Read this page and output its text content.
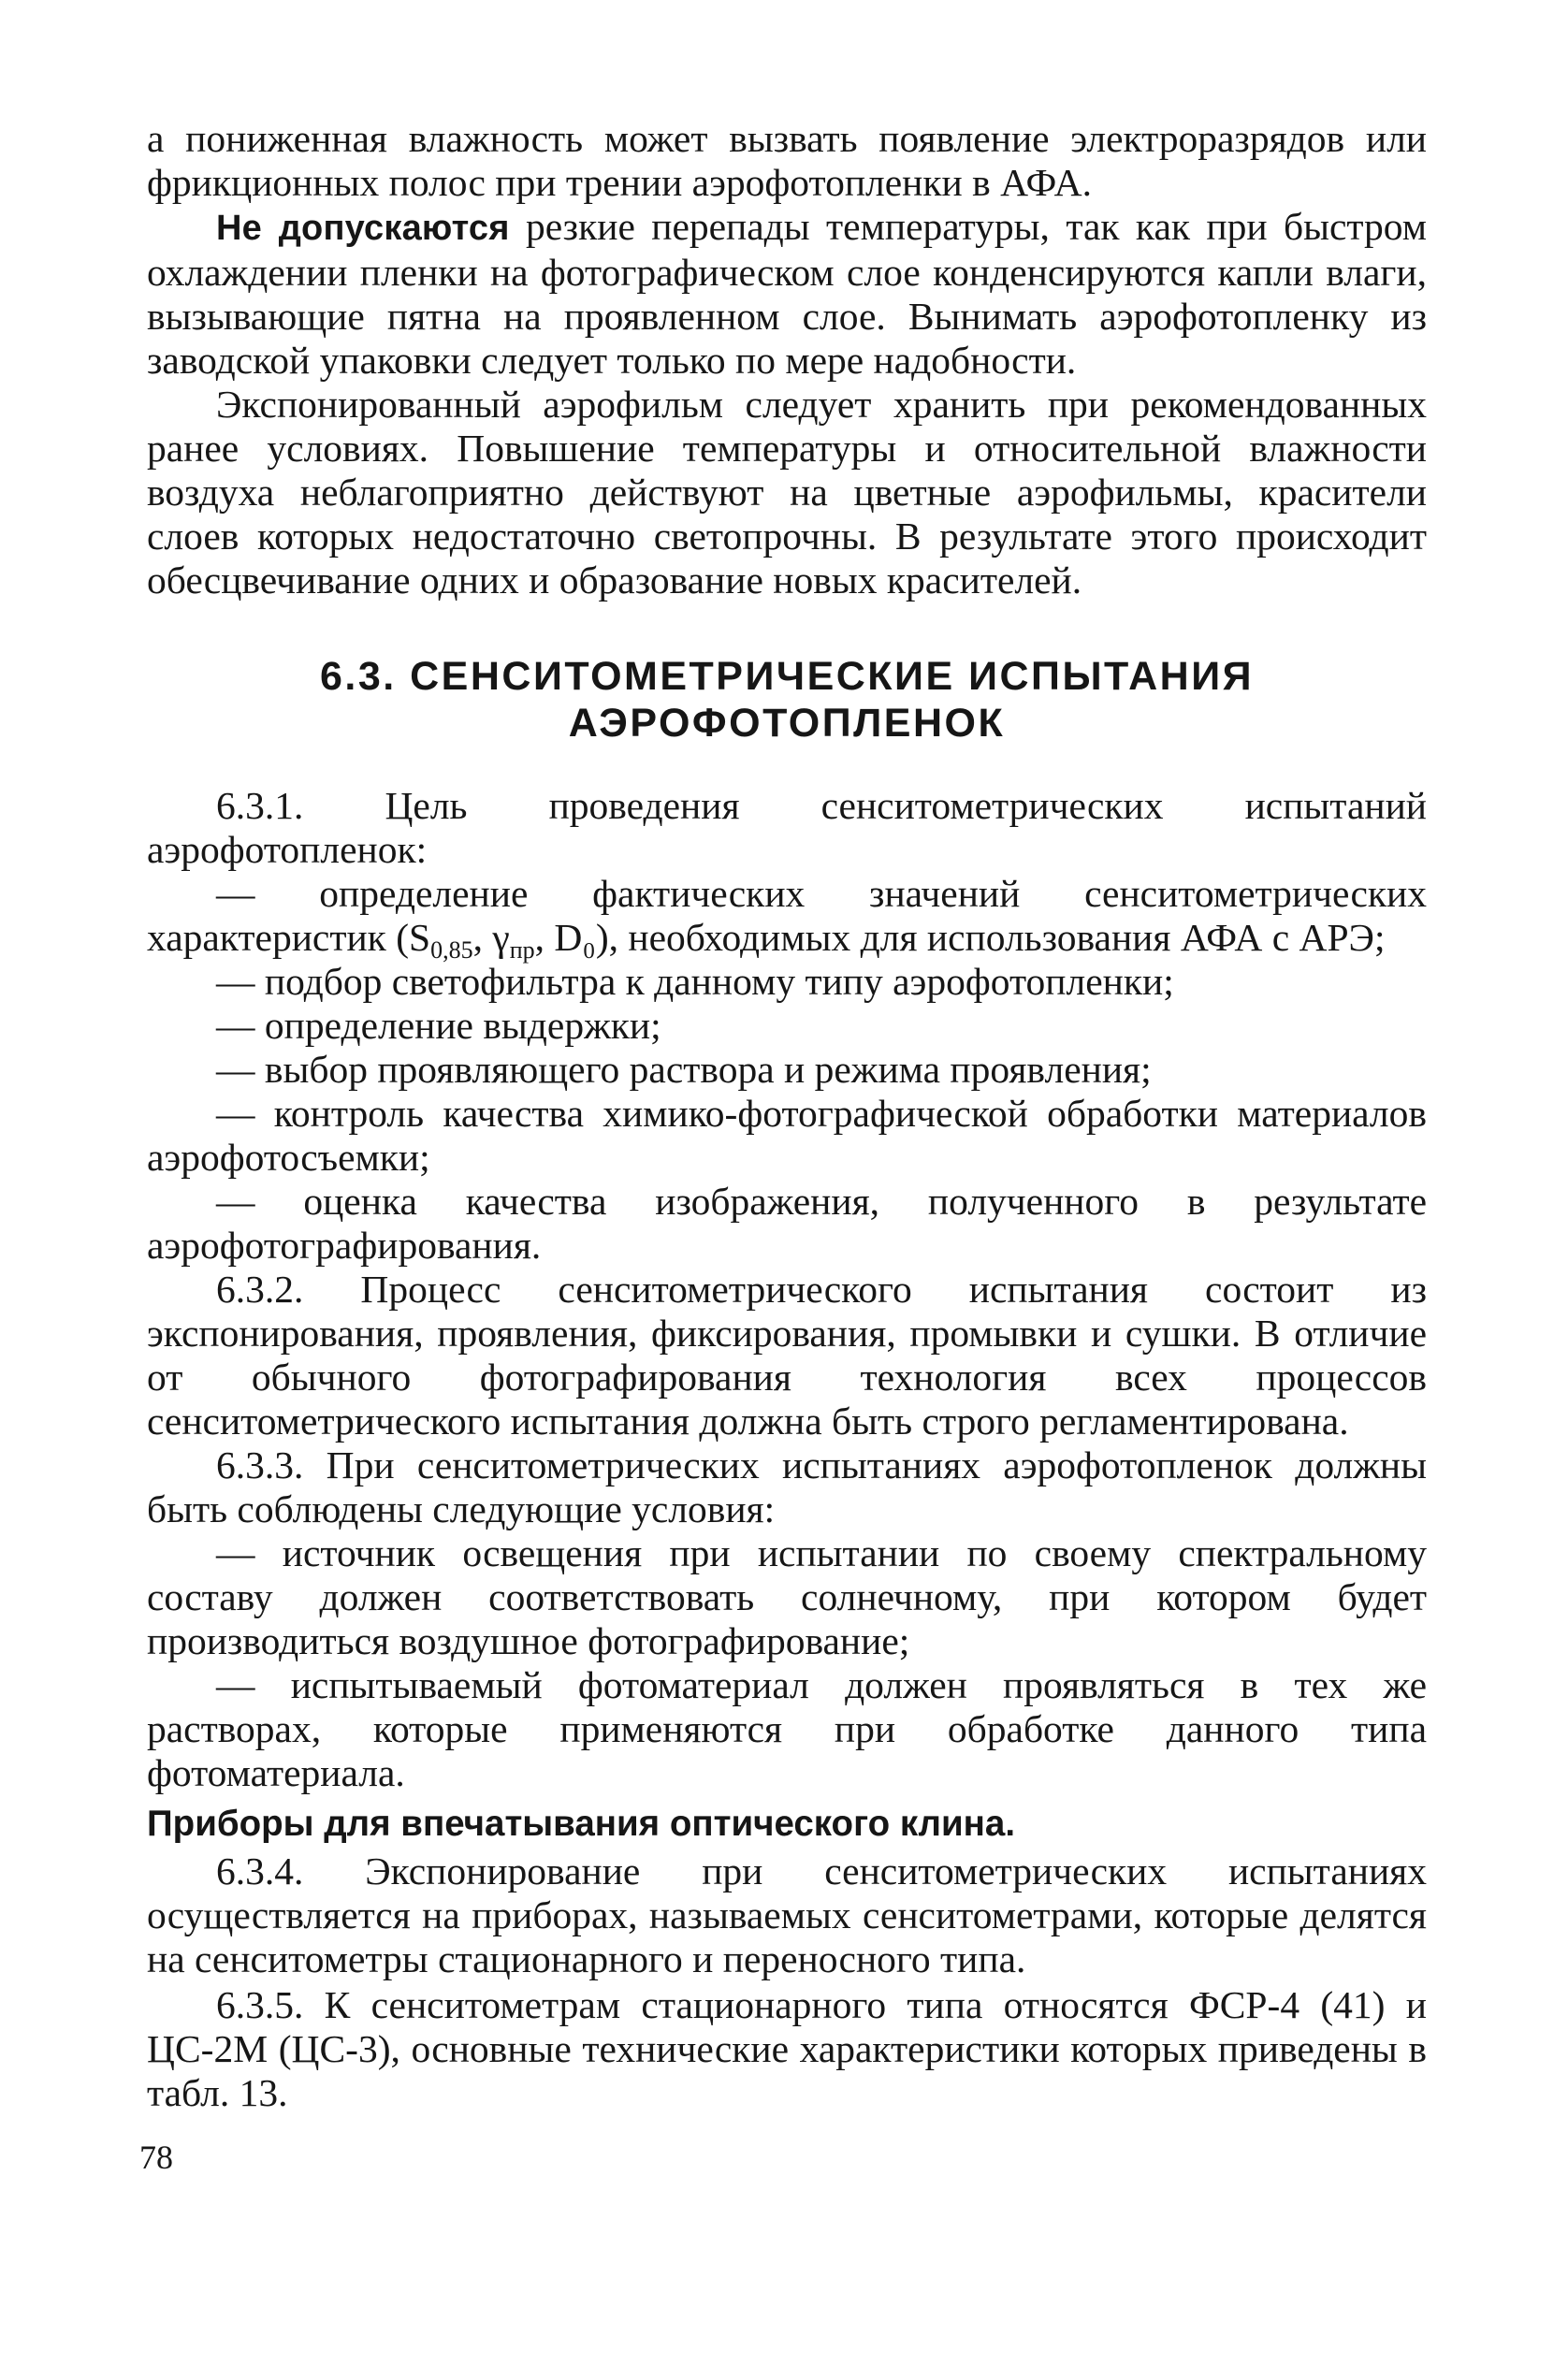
а пониженная влажность может вызвать появление электроразрядов или фрикционных полос при трении аэрофотопленки в АФА.

Не допускаются резкие перепады температуры, так как при быстром охлаждении пленки на фотографическом слое конденсируются капли влаги, вызывающие пятна на проявленном слое. Вынимать аэрофотопленку из заводской упаковки следует только по мере надобности.

Экспонированный аэрофильм следует хранить при рекомендованных ранее условиях. Повышение температуры и относительной влажности воздуха неблагоприятно действуют на цветные аэрофильмы, красители слоев которых недостаточно светопрочны. В результате этого происходит обесцвечивание одних и образование новых красителей.

6.3. СЕНСИТОМЕТРИЧЕСКИЕ ИСПЫТАНИЯ
АЭРОФОТОПЛЕНОК

6.3.1. Цель проведения сенситометрических испытаний аэрофотопленок:

— определение фактических значений сенситометрических характеристик (S0,85, γпр, D₀), необходимых для использования АФА с АРЭ;

— подбор светофильтра к данному типу аэрофотопленки;

— определение выдержки;

— выбор проявляющего раствора и режима проявления;

— контроль качества химико-фотографической обработки материалов аэрофотосъемки;

— оценка качества изображения, полученного в результате аэрофотографирования.

6.3.2. Процесс сенситометрического испытания состоит из экспонирования, проявления, фиксирования, промывки и сушки. В отличие от обычного фотографирования технология всех процессов сенситометрического испытания должна быть строго регламентирована.

6.3.3. При сенситометрических испытаниях аэрофотопленок должны быть соблюдены следующие условия:

— источник освещения при испытании по своему спектральному составу должен соответствовать солнечному, при котором будет производиться воздушное фотографирование;

— испытываемый фотоматериал должен проявляться в тех же растворах, которые применяются при обработке данного типа фотоматериала.

Приборы для впечатывания оптического клина.

6.3.4. Экспонирование при сенситометрических испытаниях осуществляется на приборах, называемых сенситометрами, которые делятся на сенситометры стационарного и переносного типа.

6.3.5. К сенситометрам стационарного типа относятся ФСР-4 (41) и ЦС-2М (ЦС-3), основные технические характеристики которых приведены в табл. 13.

78
